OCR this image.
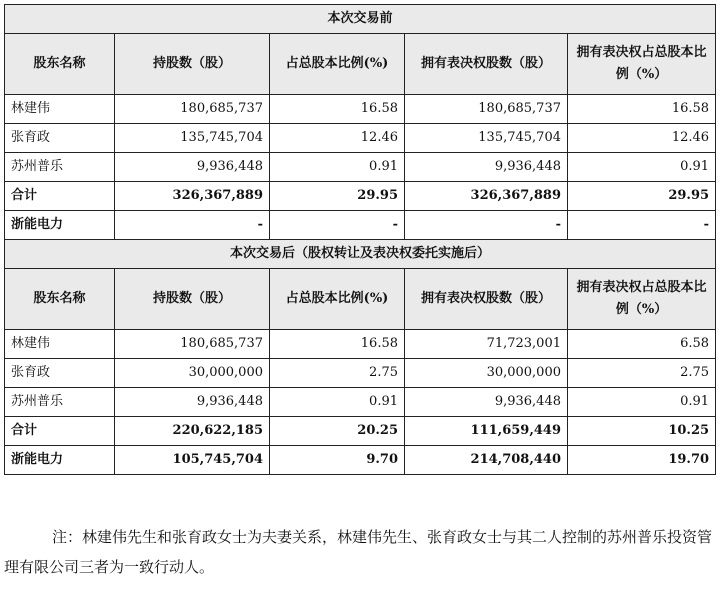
本次交易前				
股东名称	持股数（股）	占总股本比例(%)	拥有表决权股数（股）	拥有表决权占总股本比例（%）
林建伟	180,685,737	16.58	180,685,737	16.58
张育政	135,745,704	12.46	135,745,704	12.46
苏州普乐	9,936,448	0.91	9,936,448	0.91
合计	326,367,889	29.95	326,367,889	29.95
浙能电力	-	-	-	-
本次交易后（股权转让及表决权委托实施后）				
股东名称	持股数（股）	占总股本比例(%)	拥有表决权股数（股）	拥有表决权占总股本比例（%）
林建伟	180,685,737	16.58	71,723,001	6.58
张育政	30,000,000	2.75	30,000,000	2.75
苏州普乐	9,936,448	0.91	9,936,448	0.91
合计	220,622,185	20.25	111,659,449	10.25
浙能电力	105,745,704	9.70	214,708,440	19.70

注：林建伟先生和张育政女士为夫妻关系，林建伟先生、张育政女士与其二人控制的苏州普乐投资管理有限公司三者为一致行动人。
